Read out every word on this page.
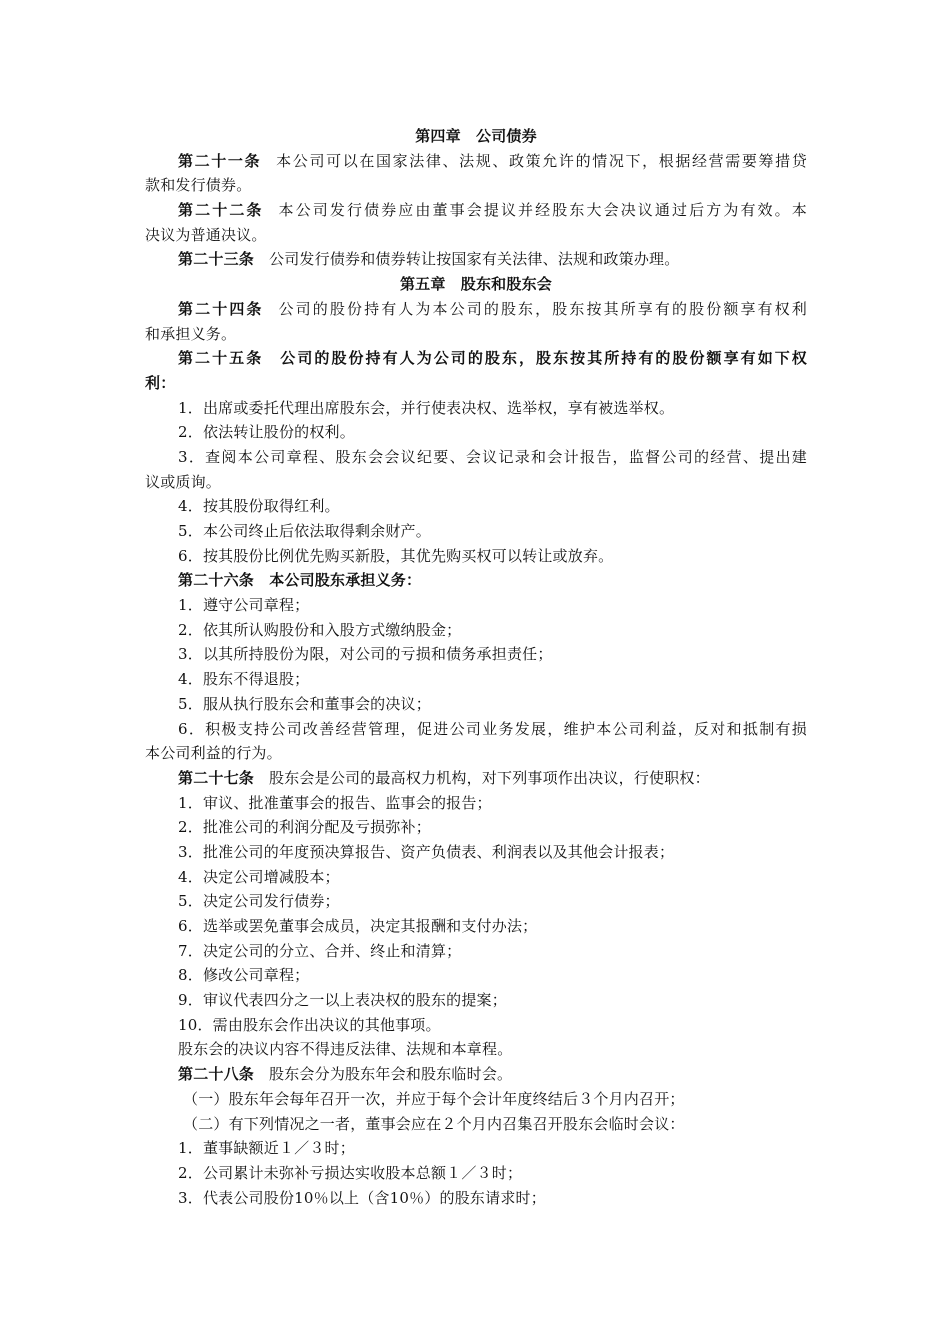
第四章　公司债券
第二十一条 本公司可以在国家法律、法规、政策允许的情况下，根据经营需要筹措贷
款和发行债券。
第二十二条 本公司发行债券应由董事会提议并经股东大会决议通过后方为有效。本
决议为普通决议。
第二十三条 公司发行债券和债券转让按国家有关法律、法规和政策办理。
第五章　股东和股东会
第二十四条 公司的股份持有人为本公司的股东，股东按其所享有的股份额享有权利
和承担义务。
第二十五条　公司的股份持有人为公司的股东，股东按其所持有的股份额享有如下权
利：
1．出席或委托代理出席股东会，并行使表决权、选举权，享有被选举权。
2．依法转让股份的权利。
3．查阅本公司章程、股东会会议纪要、会议记录和会计报告，监督公司的经营、提出建
议或质询。
4．按其股份取得红利。
5．本公司终止后依法取得剩余财产。
6．按其股份比例优先购买新股，其优先购买权可以转让或放弃。
第二十六条　本公司股东承担义务：
1．遵守公司章程；
2．依其所认购股份和入股方式缴纳股金；
3．以其所持股份为限，对公司的亏损和债务承担责任；
4．股东不得退股；
5．服从执行股东会和董事会的决议；
6．积极支持公司改善经营管理，促进公司业务发展，维护本公司利益，反对和抵制有损
本公司利益的行为。
第二十七条 股东会是公司的最高权力机构，对下列事项作出决议，行使职权：
1．审议、批准董事会的报告、监事会的报告；
2．批准公司的利润分配及亏损弥补；
3．批准公司的年度预决算报告、资产负债表、利润表以及其他会计报表；
4．决定公司增减股本；
5．决定公司发行债券；
6．选举或罢免董事会成员，决定其报酬和支付办法；
7．决定公司的分立、合并、终止和清算；
8．修改公司章程；
9．审议代表四分之一以上表决权的股东的提案；
10．需由股东会作出决议的其他事项。
股东会的决议内容不得违反法律、法规和本章程。
第二十八条 股东会分为股东年会和股东临时会。
（一）股东年会每年召开一次，并应于每个会计年度终结后３个月内召开；
（二）有下列情况之一者，董事会应在２个月内召集召开股东会临时会议：
1．董事缺额近１／３时；
2．公司累计未弥补亏损达实收股本总额１／３时；
3．代表公司股份10％以上（含10％）的股东请求时；
